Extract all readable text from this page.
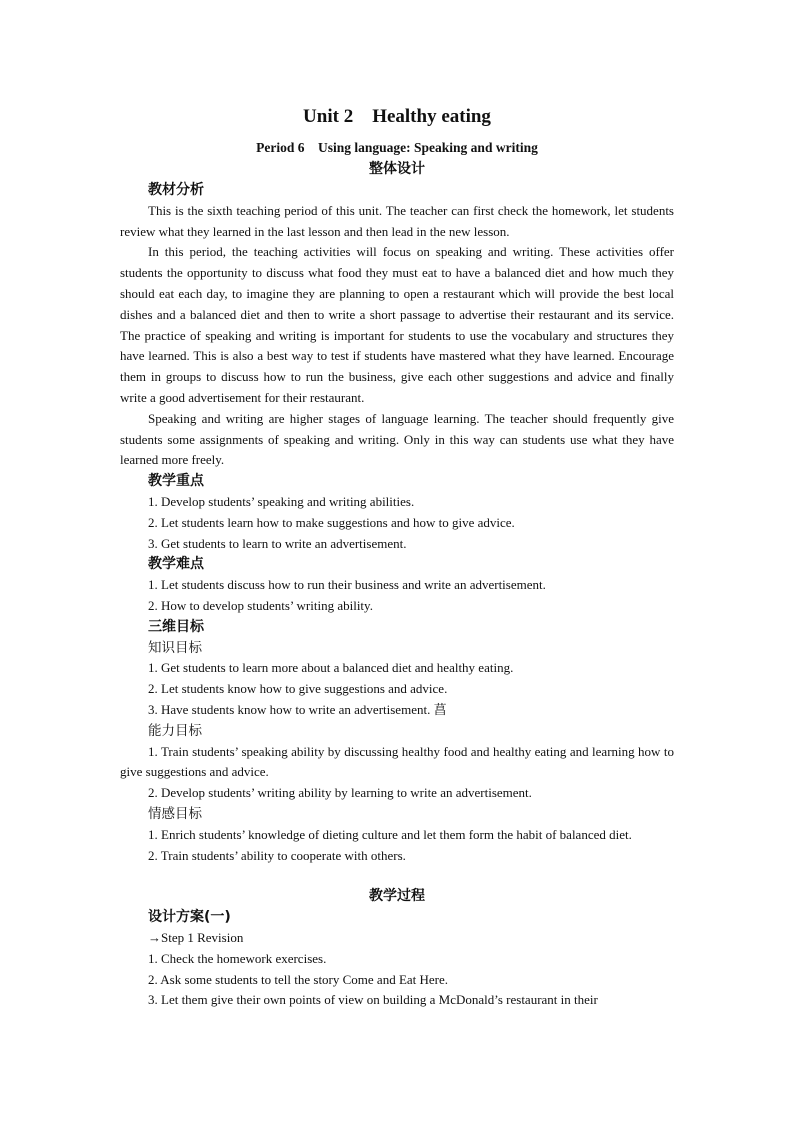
Unit 2    Healthy eating
Period 6    Using language: Speaking and writing
整体设计
教材分析

This is the sixth teaching period of this unit. The teacher can first check the homework, let students review what they learned in the last lesson and then lead in the new lesson.

In this period, the teaching activities will focus on speaking and writing. These activities offer students the opportunity to discuss what food they must eat to have a balanced diet and how much they should eat each day, to imagine they are planning to open a restaurant which will provide the best local dishes and a balanced diet and then to write a short passage to advertise their restaurant and its service. The practice of speaking and writing is important for students to use the vocabulary and structures they have learned. This is also a best way to test if students have mastered what they have learned. Encourage them in groups to discuss how to run the business, give each other suggestions and advice and finally write a good advertisement for their restaurant.

Speaking and writing are higher stages of language learning. The teacher should frequently give students some assignments of speaking and writing. Only in this way can students use what they have learned more freely.

教学重点

1. Develop students’ speaking and writing abilities.

2. Let students learn how to make suggestions and how to give advice.

3. Get students to learn to write an advertisement.

教学难点

1. Let students discuss how to run their business and write an advertisement.

2. How to develop students’ writing ability.

三维目标
知识目标

1. Get students to learn more about a balanced diet and healthy eating.

2. Let students know how to give suggestions and advice.

3. Have students know how to write an advertisement. 菖

能力目标

1. Train students’ speaking ability by discussing healthy food and healthy eating and learning how to give suggestions and advice.

2. Develop students’ writing ability by learning to write an advertisement.

情感目标

1. Enrich students’ knowledge of dieting culture and let them form the habit of balanced diet.

2. Train students’ ability to cooperate with others.

教学过程
设计方案(一)

→Step 1 Revision

1. Check the homework exercises.

2. Ask some students to tell the story Come and Eat Here.

3. Let them give their own points of view on building a McDonald’s restaurant in their
